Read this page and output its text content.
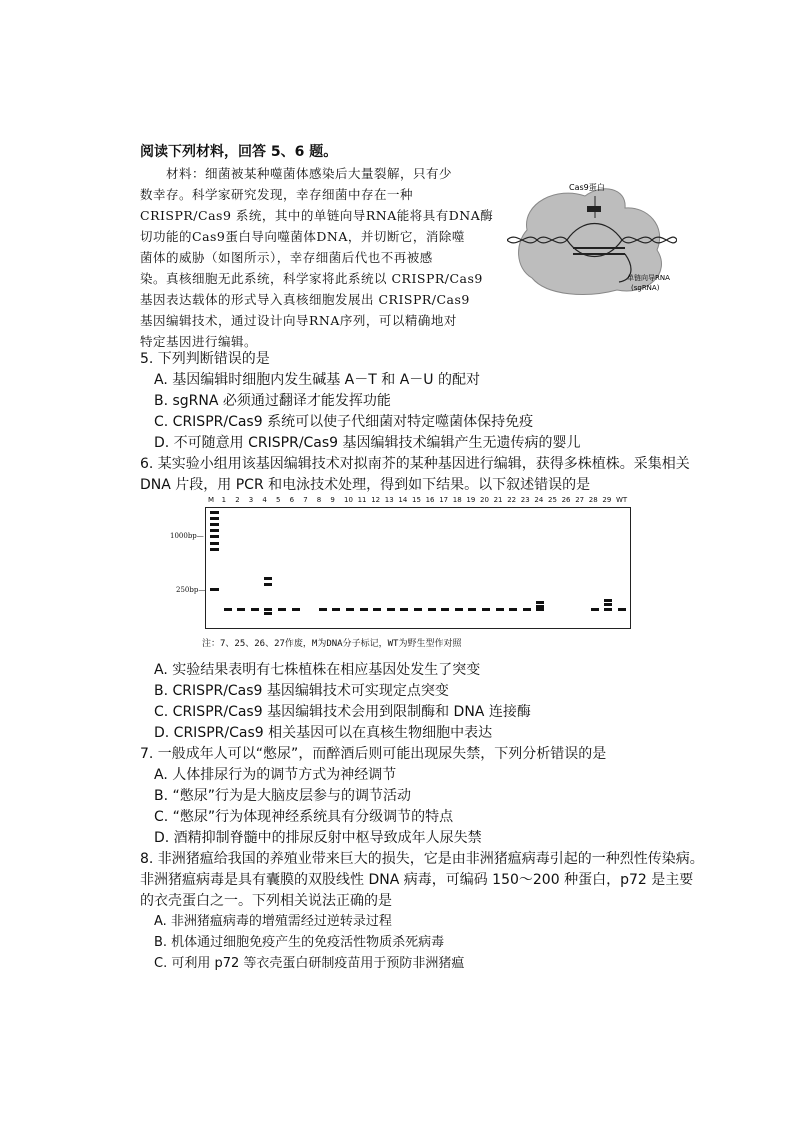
阅读下列材料，回答 5、6 题。
材料：细菌被某种噬菌体感染后大量裂解，只有少
数幸存。科学家研究发现，幸存细菌中存在一种
CRISPR/Cas9 系统，其中的单链向导RNA能将具有DNA酶
切功能的Cas9蛋白导向噬菌体DNA，并切断它，消除噬
菌体的威胁（如图所示），幸存细菌后代也不再被感
染。真核细胞无此系统，科学家将此系统以 CRISPR/Cas9
基因表达载体的形式导入真核细胞发展出 CRISPR/Cas9
基因编辑技术，通过设计向导RNA序列，可以精确地对
特定基因进行编辑。
Cas9蛋白
单链向导RNA
(sgRNA)
5. 下列判断错误的是
A. 基因编辑时细胞内发生碱基 A－T 和 A－U 的配对
B. sgRNA 必须通过翻译才能发挥功能
C. CRISPR/Cas9 系统可以使子代细菌对特定噬菌体保持免疫
D. 不可随意用 CRISPR/Cas9 基因编辑技术编辑产生无遗传病的婴儿
6. 某实验小组用该基因编辑技术对拟南芥的某种基因进行编辑，获得多株植株。采集相关
DNA 片段，用 PCR 和电泳技术处理，得到如下结果。以下叙述错误的是
M 1 2 3 4 5 6 7 8 9 10 11 12 13 14 15 16 17 18 19 20 21 22 23 24 25 26 27 28 29 WT
1000bp—
250bp—
注：7、25、26、27作废，M为DNA分子标记，WT为野生型作对照
A. 实验结果表明有七株植株在相应基因处发生了突变
B. CRISPR/Cas9 基因编辑技术可实现定点突变
C. CRISPR/Cas9 基因编辑技术会用到限制酶和 DNA 连接酶
D. CRISPR/Cas9 相关基因可以在真核生物细胞中表达
7. 一般成年人可以“憋尿”，而醉酒后则可能出现尿失禁，下列分析错误的是
A. 人体排尿行为的调节方式为神经调节
B. “憋尿”行为是大脑皮层参与的调节活动
C. “憋尿”行为体现神经系统具有分级调节的特点
D. 酒精抑制脊髓中的排尿反射中枢导致成年人尿失禁
8. 非洲猪瘟给我国的养殖业带来巨大的损失，它是由非洲猪瘟病毒引起的一种烈性传染病。
非洲猪瘟病毒是具有囊膜的双股线性 DNA 病毒，可编码 150～200 种蛋白，p72 是主要
的衣壳蛋白之一。下列相关说法正确的是
A. 非洲猪瘟病毒的增殖需经过逆转录过程
B. 机体通过细胞免疫产生的免疫活性物质杀死病毒
C. 可利用 p72 等衣壳蛋白研制疫苗用于预防非洲猪瘟
